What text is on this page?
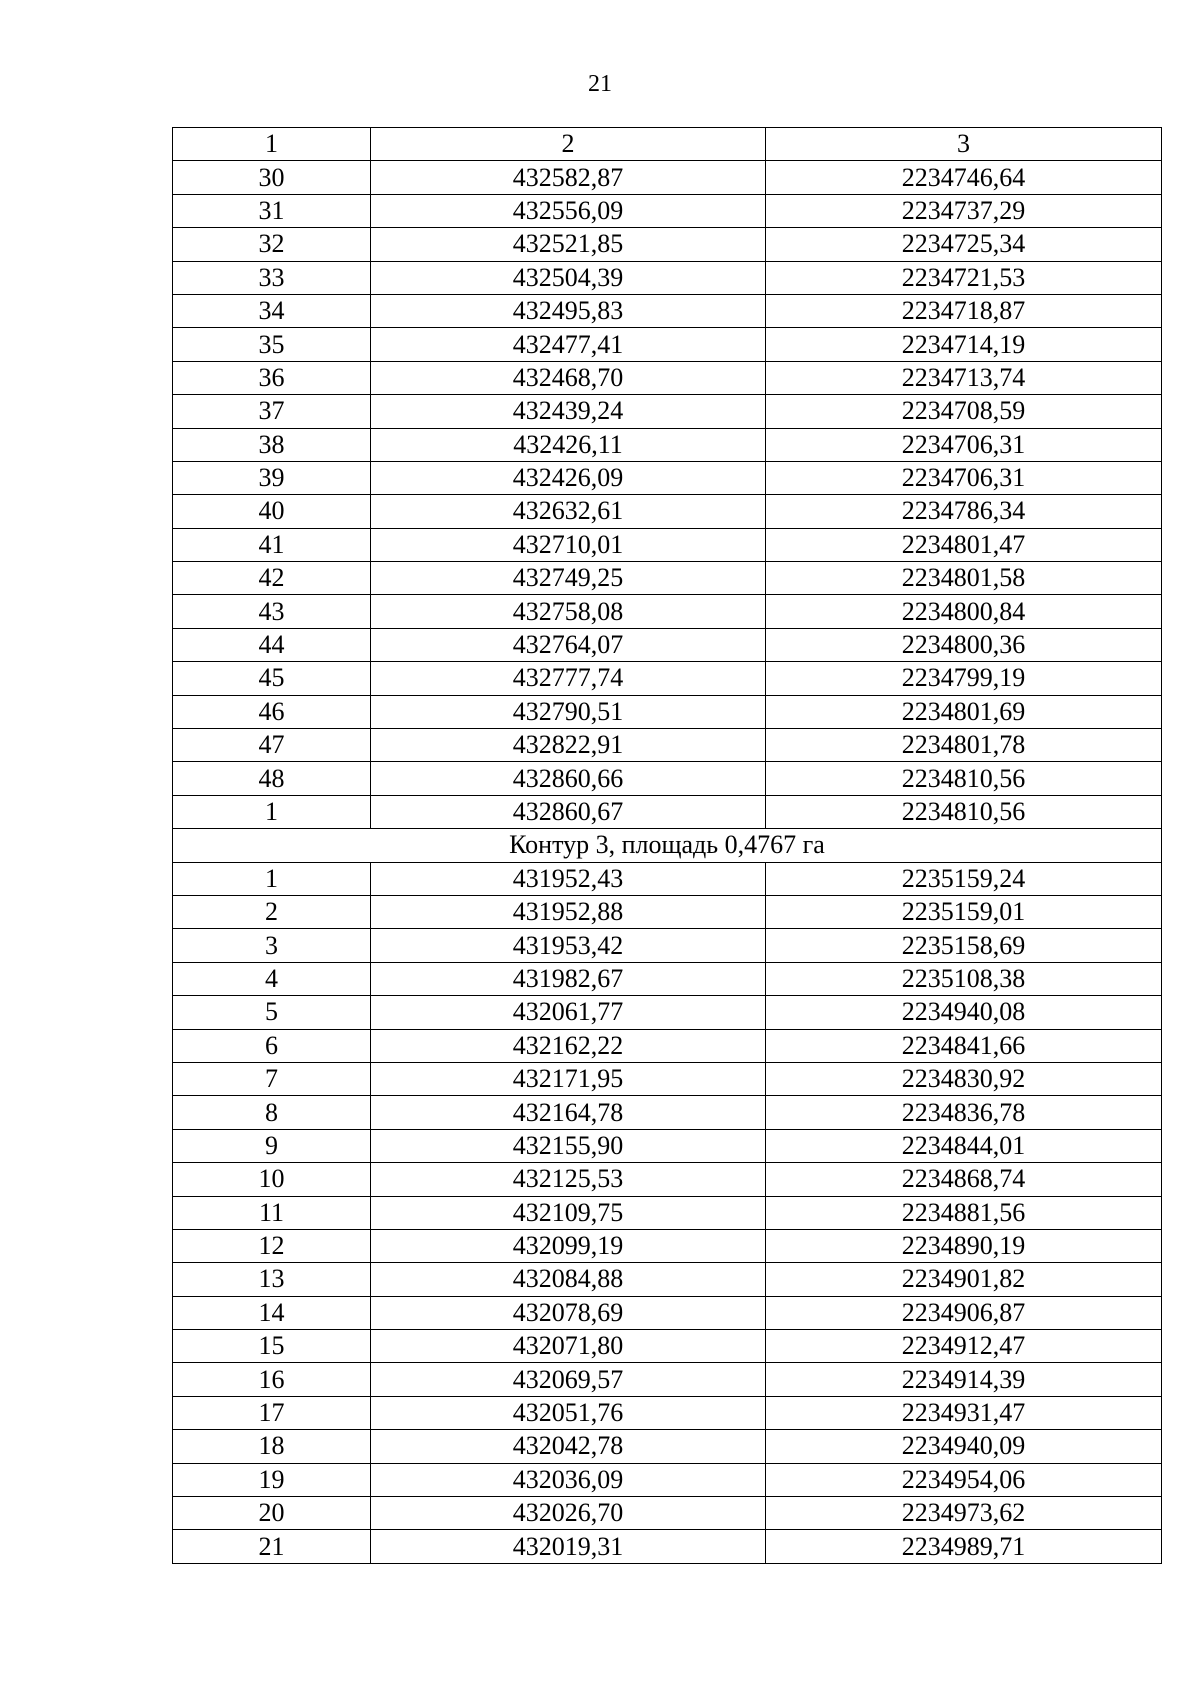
21
1	2	3
30	432582,87	2234746,64
31	432556,09	2234737,29
32	432521,85	2234725,34
33	432504,39	2234721,53
34	432495,83	2234718,87
35	432477,41	2234714,19
36	432468,70	2234713,74
37	432439,24	2234708,59
38	432426,11	2234706,31
39	432426,09	2234706,31
40	432632,61	2234786,34
41	432710,01	2234801,47
42	432749,25	2234801,58
43	432758,08	2234800,84
44	432764,07	2234800,36
45	432777,74	2234799,19
46	432790,51	2234801,69
47	432822,91	2234801,78
48	432860,66	2234810,56
1	432860,67	2234810,56
Контур 3, площадь 0,4767 га		
1	431952,43	2235159,24
2	431952,88	2235159,01
3	431953,42	2235158,69
4	431982,67	2235108,38
5	432061,77	2234940,08
6	432162,22	2234841,66
7	432171,95	2234830,92
8	432164,78	2234836,78
9	432155,90	2234844,01
10	432125,53	2234868,74
11	432109,75	2234881,56
12	432099,19	2234890,19
13	432084,88	2234901,82
14	432078,69	2234906,87
15	432071,80	2234912,47
16	432069,57	2234914,39
17	432051,76	2234931,47
18	432042,78	2234940,09
19	432036,09	2234954,06
20	432026,70	2234973,62
21	432019,31	2234989,71
